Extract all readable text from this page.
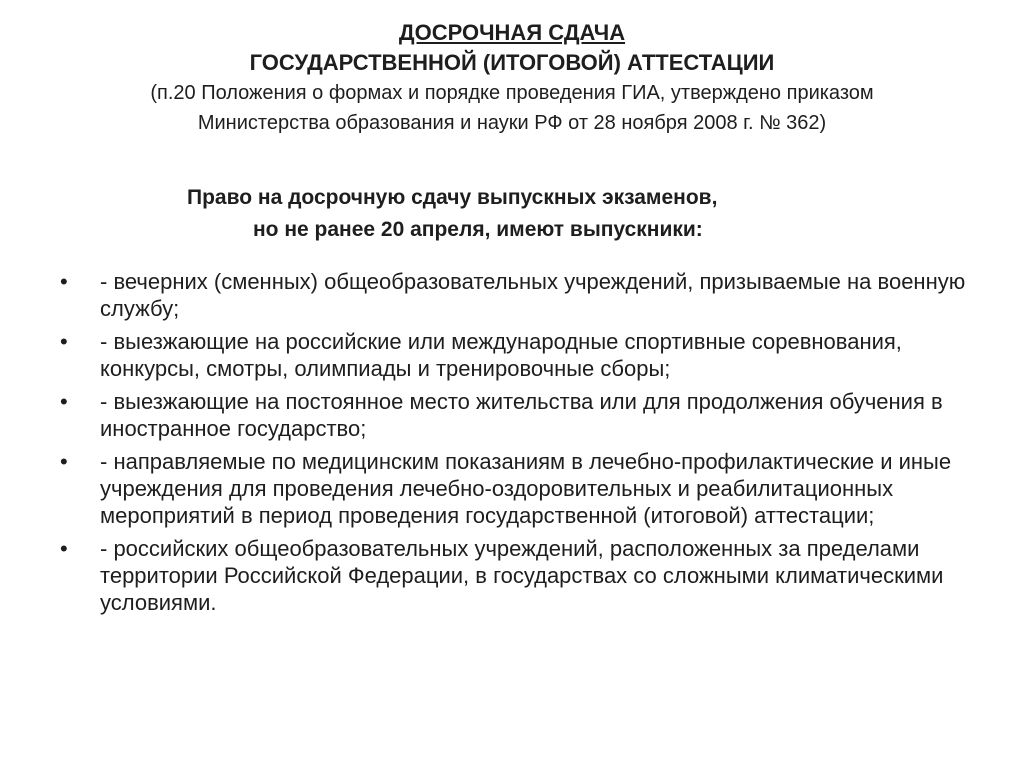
ДОСРОЧНАЯ СДАЧА
ГОСУДАРСТВЕННОЙ (ИТОГОВОЙ) АТТЕСТАЦИИ
(п.20 Положения о формах и порядке проведения ГИА, утверждено приказом
Министерства образования и науки РФ от 28 ноября 2008 г. № 362)
Право на досрочную сдачу выпускных экзаменов,
но не ранее 20 апреля, имеют выпускники:
• - вечерних (сменных) общеобразовательных учреждений, призываемые на военную службу;
• - выезжающие на российские или международные спортивные соревнования, конкурсы, смотры, олимпиады и тренировочные сборы;
• - выезжающие на постоянное место жительства или для продолжения обучения в иностранное государство;
• - направляемые по медицинским показаниям в лечебно-профилактические и иные учреждения для проведения лечебно-оздоровительных и реабилитационных мероприятий в период проведения государственной (итоговой) аттестации;
• - российских общеобразовательных учреждений, расположенных за пределами территории Российской Федерации, в государствах со сложными климатическими условиями.
